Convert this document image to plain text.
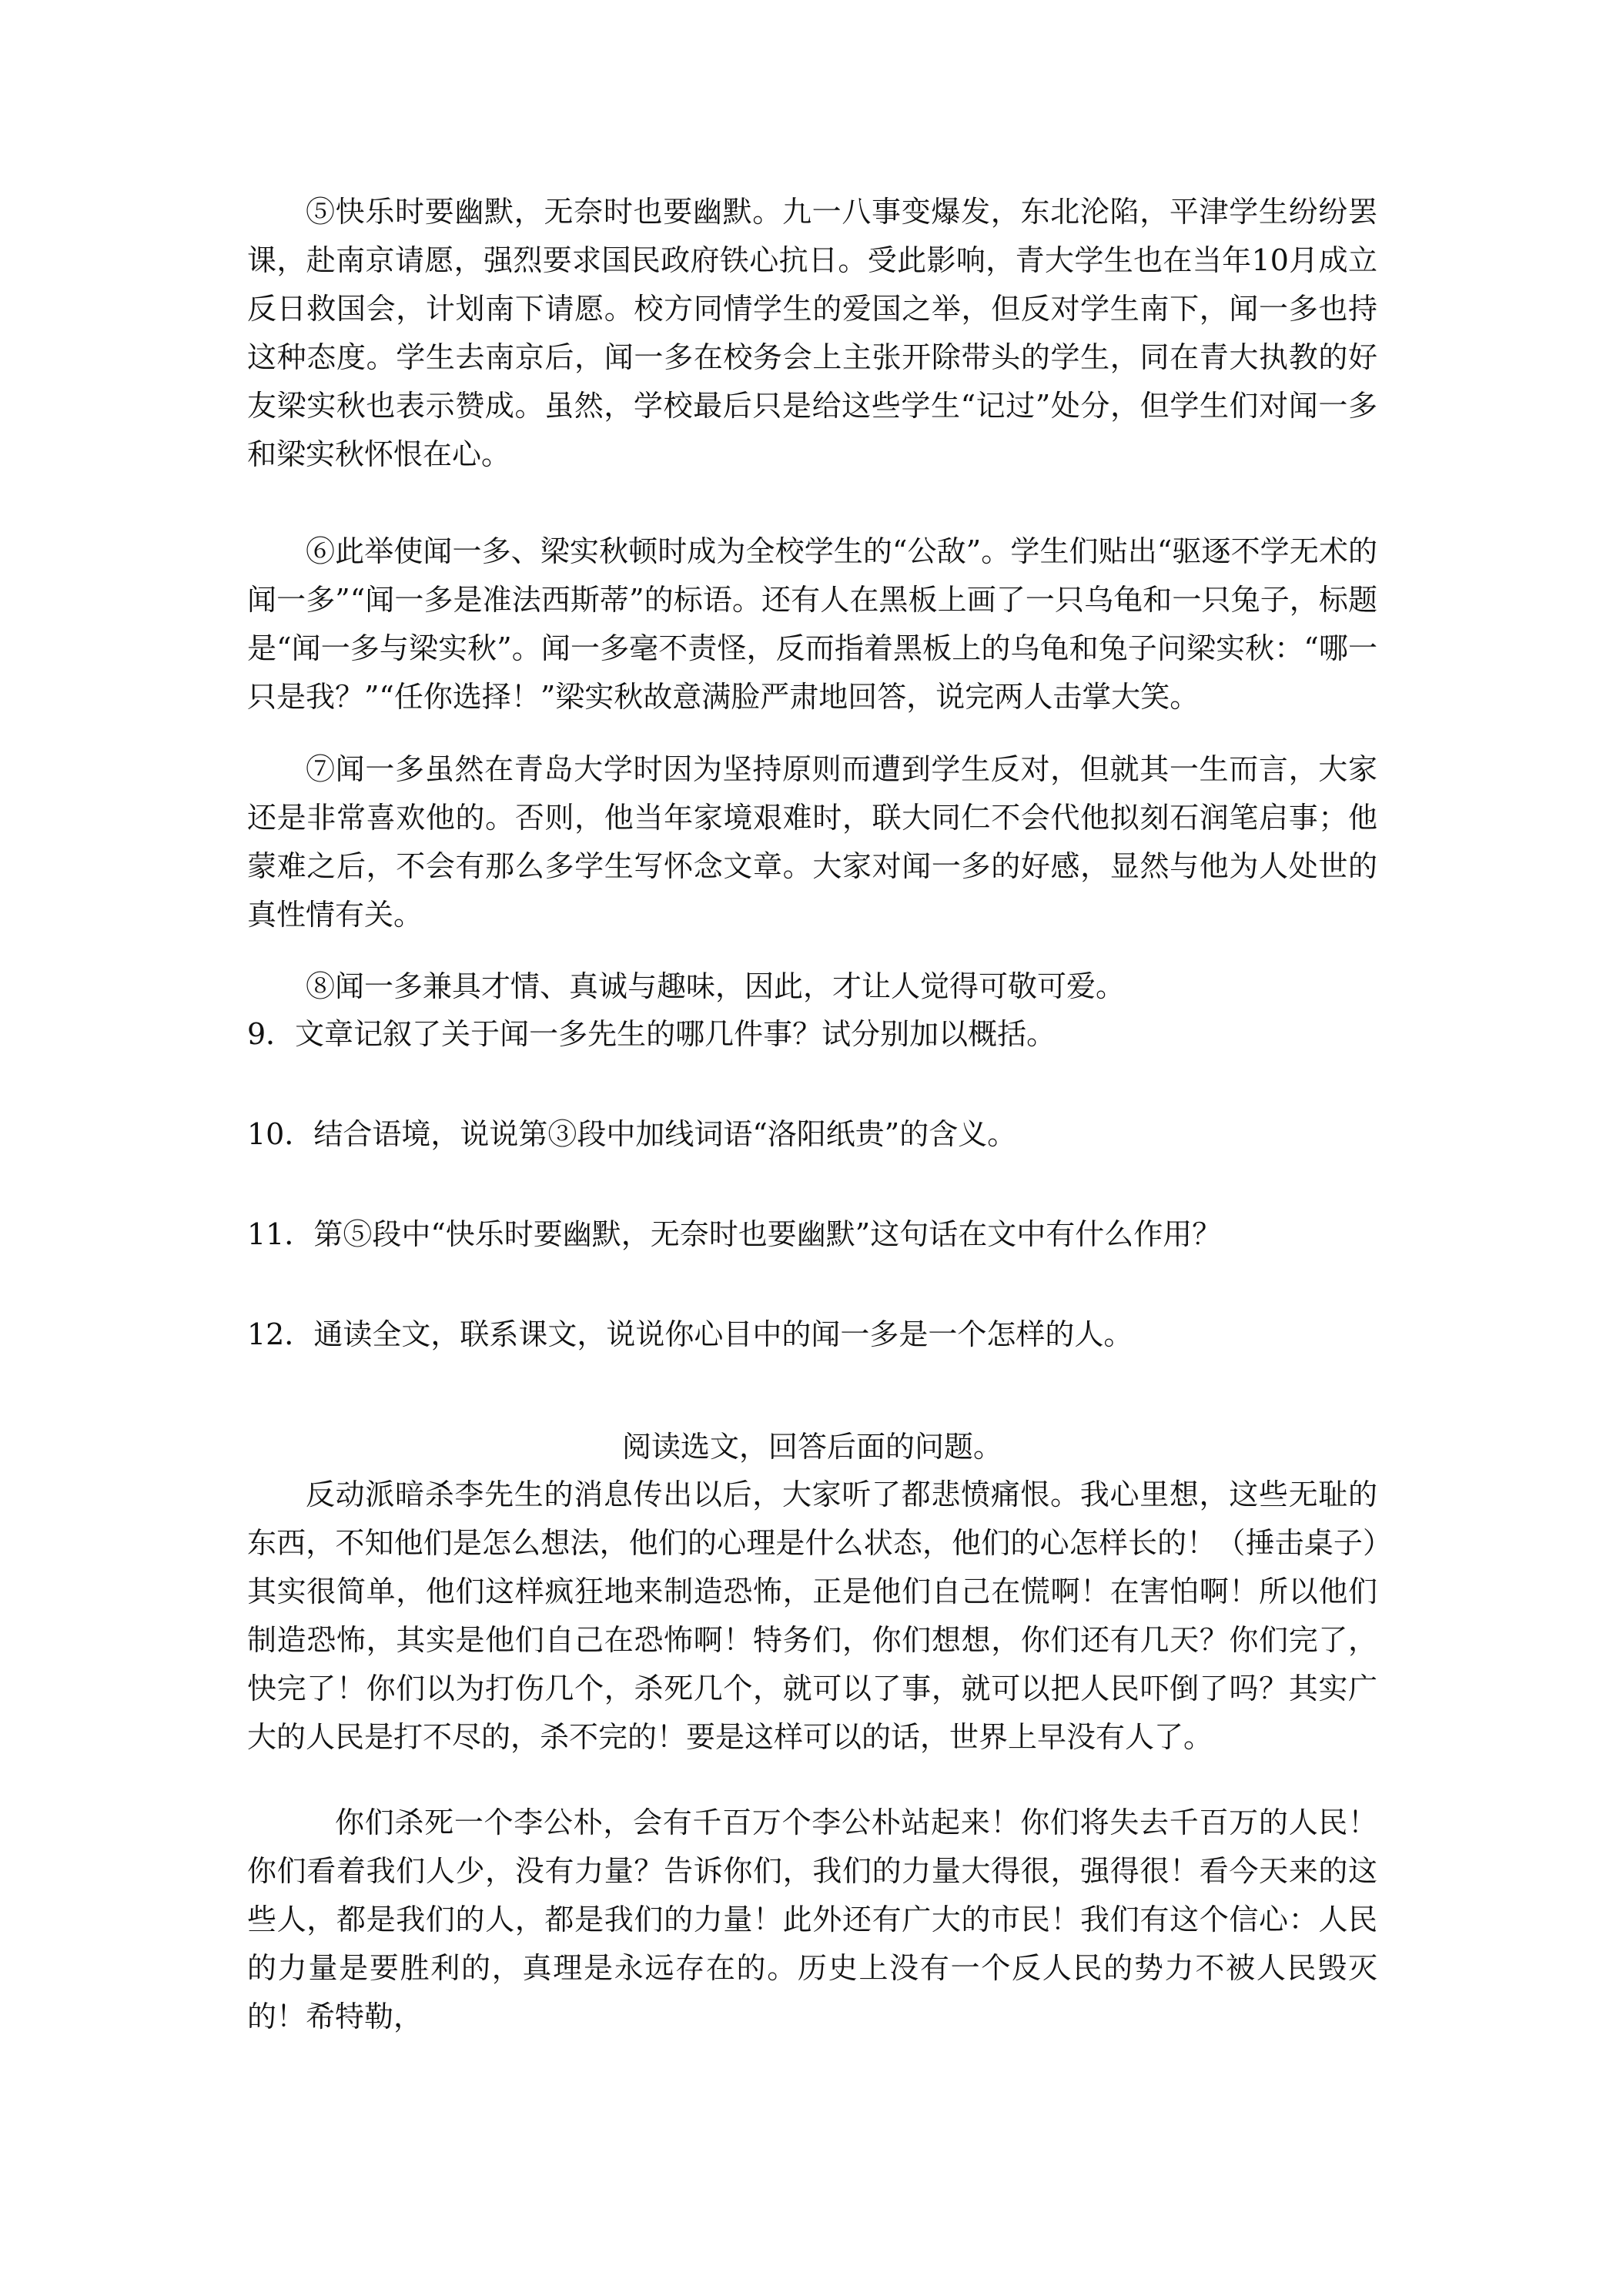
⑤快乐时要幽默，无奈时也要幽默。九一八事变爆发，东北沦陷，平津学生纷纷罢课，赴南京请愿，强烈要求国民政府铁心抗日。受此影响，青大学生也在当年10月成立反日救国会，计划南下请愿。校方同情学生的爱国之举，但反对学生南下，闻一多也持这种态度。学生去南京后，闻一多在校务会上主张开除带头的学生，同在青大执教的好友梁实秋也表示赞成。虽然，学校最后只是给这些学生“记过”处分，但学生们对闻一多和梁实秋怀恨在心。

⑥此举使闻一多、梁实秋顿时成为全校学生的“公敌”。学生们贴出“驱逐不学无术的闻一多”“闻一多是准法西斯蒂”的标语。还有人在黑板上画了一只乌龟和一只兔子，标题是“闻一多与梁实秋”。闻一多毫不责怪，反而指着黑板上的乌龟和兔子问梁实秋：“哪一只是我？”“任你选择！”梁实秋故意满脸严肃地回答，说完两人击掌大笑。

⑦闻一多虽然在青岛大学时因为坚持原则而遭到学生反对，但就其一生而言，大家还是非常喜欢他的。否则，他当年家境艰难时，联大同仁不会代他拟刻石润笔启事；他蒙难之后，不会有那么多学生写怀念文章。大家对闻一多的好感，显然与他为人处世的真性情有关。

⑧闻一多兼具才情、真诚与趣味，因此，才让人觉得可敬可爱。

9．文章记叙了关于闻一多先生的哪几件事？试分别加以概括。

10．结合语境，说说第③段中加线词语“洛阳纸贵”的含义。

11．第⑤段中“快乐时要幽默，无奈时也要幽默”这句话在文中有什么作用？

12．通读全文，联系课文，说说你心目中的闻一多是一个怎样的人。

阅读选文，回答后面的问题。

反动派暗杀李先生的消息传出以后，大家听了都悲愤痛恨。我心里想，这些无耻的东西，不知他们是怎么想法，他们的心理是什么状态，他们的心怎样长的！（捶击桌子）其实很简单，他们这样疯狂地来制造恐怖，正是他们自己在慌啊！在害怕啊！所以他们制造恐怖，其实是他们自己在恐怖啊！特务们，你们想想，你们还有几天？你们完了，快完了！你们以为打伤几个，杀死几个，就可以了事，就可以把人民吓倒了吗？其实广大的人民是打不尽的，杀不完的！要是这样可以的话，世界上早没有人了。

你们杀死一个李公朴，会有千百万个李公朴站起来！你们将失去千百万的人民！你们看着我们人少，没有力量？告诉你们，我们的力量大得很，强得很！看今天来的这些人，都是我们的人，都是我们的力量！此外还有广大的市民！我们有这个信心：人民的力量是要胜利的，真理是永远存在的。历史上没有一个反人民的势力不被人民毁灭的！希特勒，
